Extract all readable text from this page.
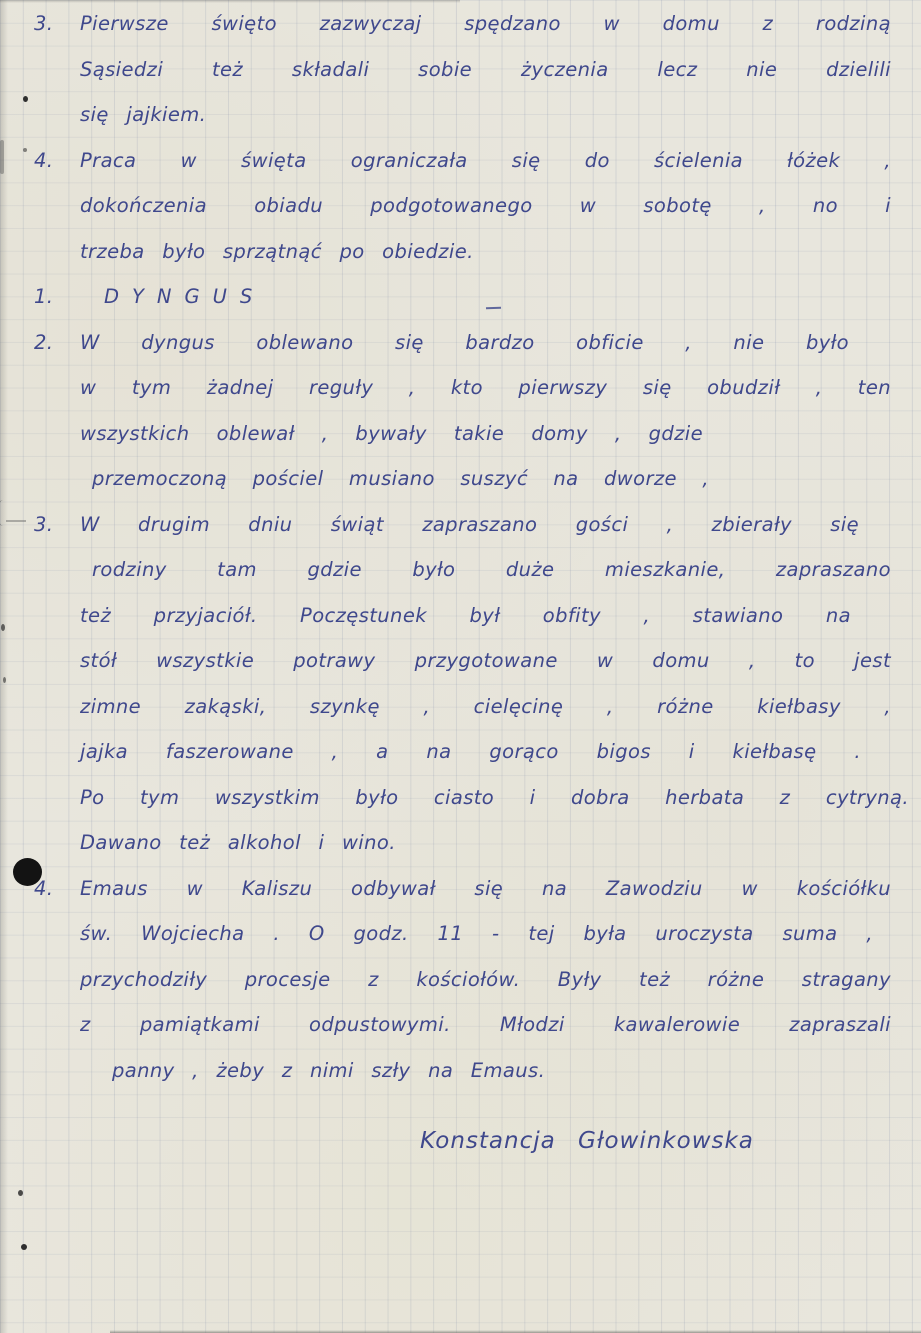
3. Pierwsze święto zazwyczaj spędzano w domu z rodziną
Sąsiedzi też składali sobie życzenia lecz nie dzielili
się jajkiem.
4. Praca w święta ograniczała się do ścielenia łóżek ,
dokończenia obiadu podgotowanego w sobotę , no i
trzeba było sprzątnąć po obiedzie.
1.	DYNGUS
2. W dyngus oblewano się bardzo obficie , nie było
w tym żadnej reguły , kto pierwszy się obudził , ten
wszystkich oblewał , bywały takie domy , gdzie
przemoczoną pościel musiano suszyć na dworze ,
3. W drugim dniu świąt zapraszano gości , zbierały się
rodziny tam gdzie było duże mieszkanie, zapraszano
też przyjaciół. Poczęstunek był obfity , stawiano na
stół wszystkie potrawy przygotowane w domu , to jest
zimne zakąski, szynkę , cielęcinę , różne kiełbasy ,
jajka faszerowane , a na gorąco bigos i kiełbasę .
Po tym wszystkim było ciasto i dobra herbata z cytryną.
Dawano też alkohol i wino.
4. Emaus w Kaliszu odbywał się na Zawodziu w kościółku
św. Wojciecha . O godz. 11 - tej była uroczysta suma ,
przychodziły procesje z kościołów. Były też różne stragany
z pamiątkami odpustowymi. Młodzi kawalerowie zapraszali
panny , żeby z nimi szły na Emaus.
Konstancja Głowinkowska
